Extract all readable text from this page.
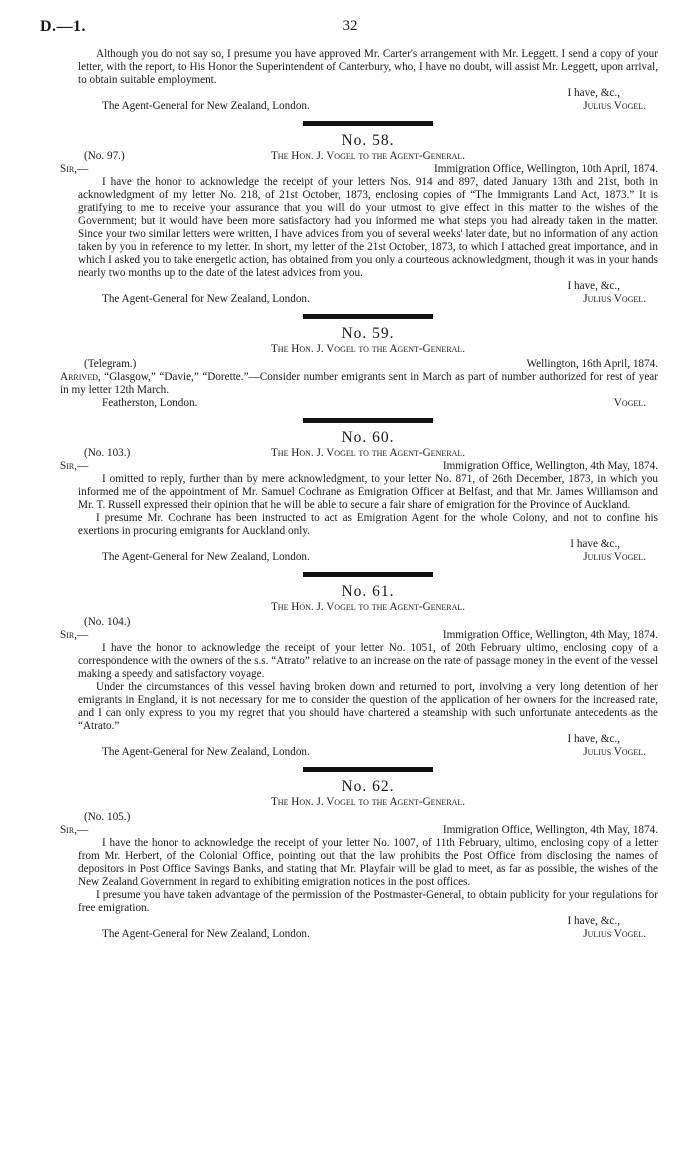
D.—1.	32

Although you do not say so, I presume you have approved Mr. Carter's arrangement with Mr. Leggett. I send a copy of your letter, with the report, to His Honor the Superintendent of Canterbury, who, I have no doubt, will assist Mr. Leggett, upon arrival, to obtain suitable employment.

I have, &c.,

The Agent-General for New Zealand, London.	Julius Vogel.
No. 58.
(No. 97.)	The Hon. J. Vogel to the Agent-General.
Sir,—	Immigration Office, Wellington, 10th April, 1874.

I have the honor to acknowledge the receipt of your letters Nos. 914 and 897, dated January 13th and 21st, both in acknowledgment of my letter No. 218, of 21st October, 1873, enclosing copies of “The Immigrants Land Act, 1873.” It is gratifying to me to receive your assurance that you will do your utmost to give effect in this matter to the wishes of the Government; but it would have been more satisfactory had you informed me what steps you had already taken in the matter. Since your two similar letters were written, I have advices from you of several weeks' later date, but no information of any action taken by you in reference to my letter. In short, my letter of the 21st October, 1873, to which I attached great importance, and in which I asked you to take energetic action, has obtained from you only a courteous acknowledgment, though it was in your hands nearly two months up to the date of the latest advices from you.

I have, &c.,

The Agent-General for New Zealand, London.	Julius Vogel.
No. 59.
The Hon. J. Vogel to the Agent-General.
(Telegram.)	Wellington, 16th April, 1874.

Arrived, “Glasgow,” “Davie,” “Dorette.”—Consider number emigrants sent in March as part of number authorized for rest of year in my letter 12th March.

Featherston, London.	Vogel.
No. 60.
(No. 103.)	The Hon. J. Vogel to the Agent-General.
Sir,—	Immigration Office, Wellington, 4th May, 1874.

I omitted to reply, further than by mere acknowledgment, to your letter No. 871, of 26th December, 1873, in which you informed me of the appointment of Mr. Samuel Cochrane as Emigration Officer at Belfast, and that Mr. James Williamson and Mr. T. Russell expressed their opinion that he will be able to secure a fair share of emigration for the Province of Auckland.

I presume Mr. Cochrane has been instructed to act as Emigration Agent for the whole Colony, and not to confine his exertions in procuring emigrants for Auckland only.

I have &c.,

The Agent-General for New Zealand, London.	Julius Vogel.
No. 61.
The Hon. J. Vogel to the Agent-General.
(No. 104.)
Sir,—	Immigration Office, Wellington, 4th May, 1874.

I have the honor to acknowledge the receipt of your letter No. 1051, of 20th February ultimo, enclosing copy of a correspondence with the owners of the s.s. “Atrato” relative to an increase on the rate of passage money in the event of the vessel making a speedy and satisfactory voyage.

Under the circumstances of this vessel having broken down and returned to port, involving a very long detention of her emigrants in England, it is not necessary for me to consider the question of the application of her owners for the increased rate, and I can only express to you my regret that you should have chartered a steamship with such unfortunate antecedents as the “Atrato.”

I have, &c.,

The Agent-General for New Zealand, London.	Julius Vogel.
No. 62.
The Hon. J. Vogel to the Agent-General.
(No. 105.)
Sir,—	Immigration Office, Wellington, 4th May, 1874.

I have the honor to acknowledge the receipt of your letter No. 1007, of 11th February, ultimo, enclosing copy of a letter from Mr. Herbert, of the Colonial Office, pointing out that the law prohibits the Post Office from disclosing the names of depositors in Post Office Savings Banks, and stating that Mr. Playfair will be glad to meet, as far as possible, the wishes of the New Zealand Government in regard to exhibiting emigration notices in the post offices.

I presume you have taken advantage of the permission of the Postmaster-General, to obtain publicity for your regulations for free emigration.

I have, &c.,

The Agent-General for New Zealand, London.	Julius Vogel.
